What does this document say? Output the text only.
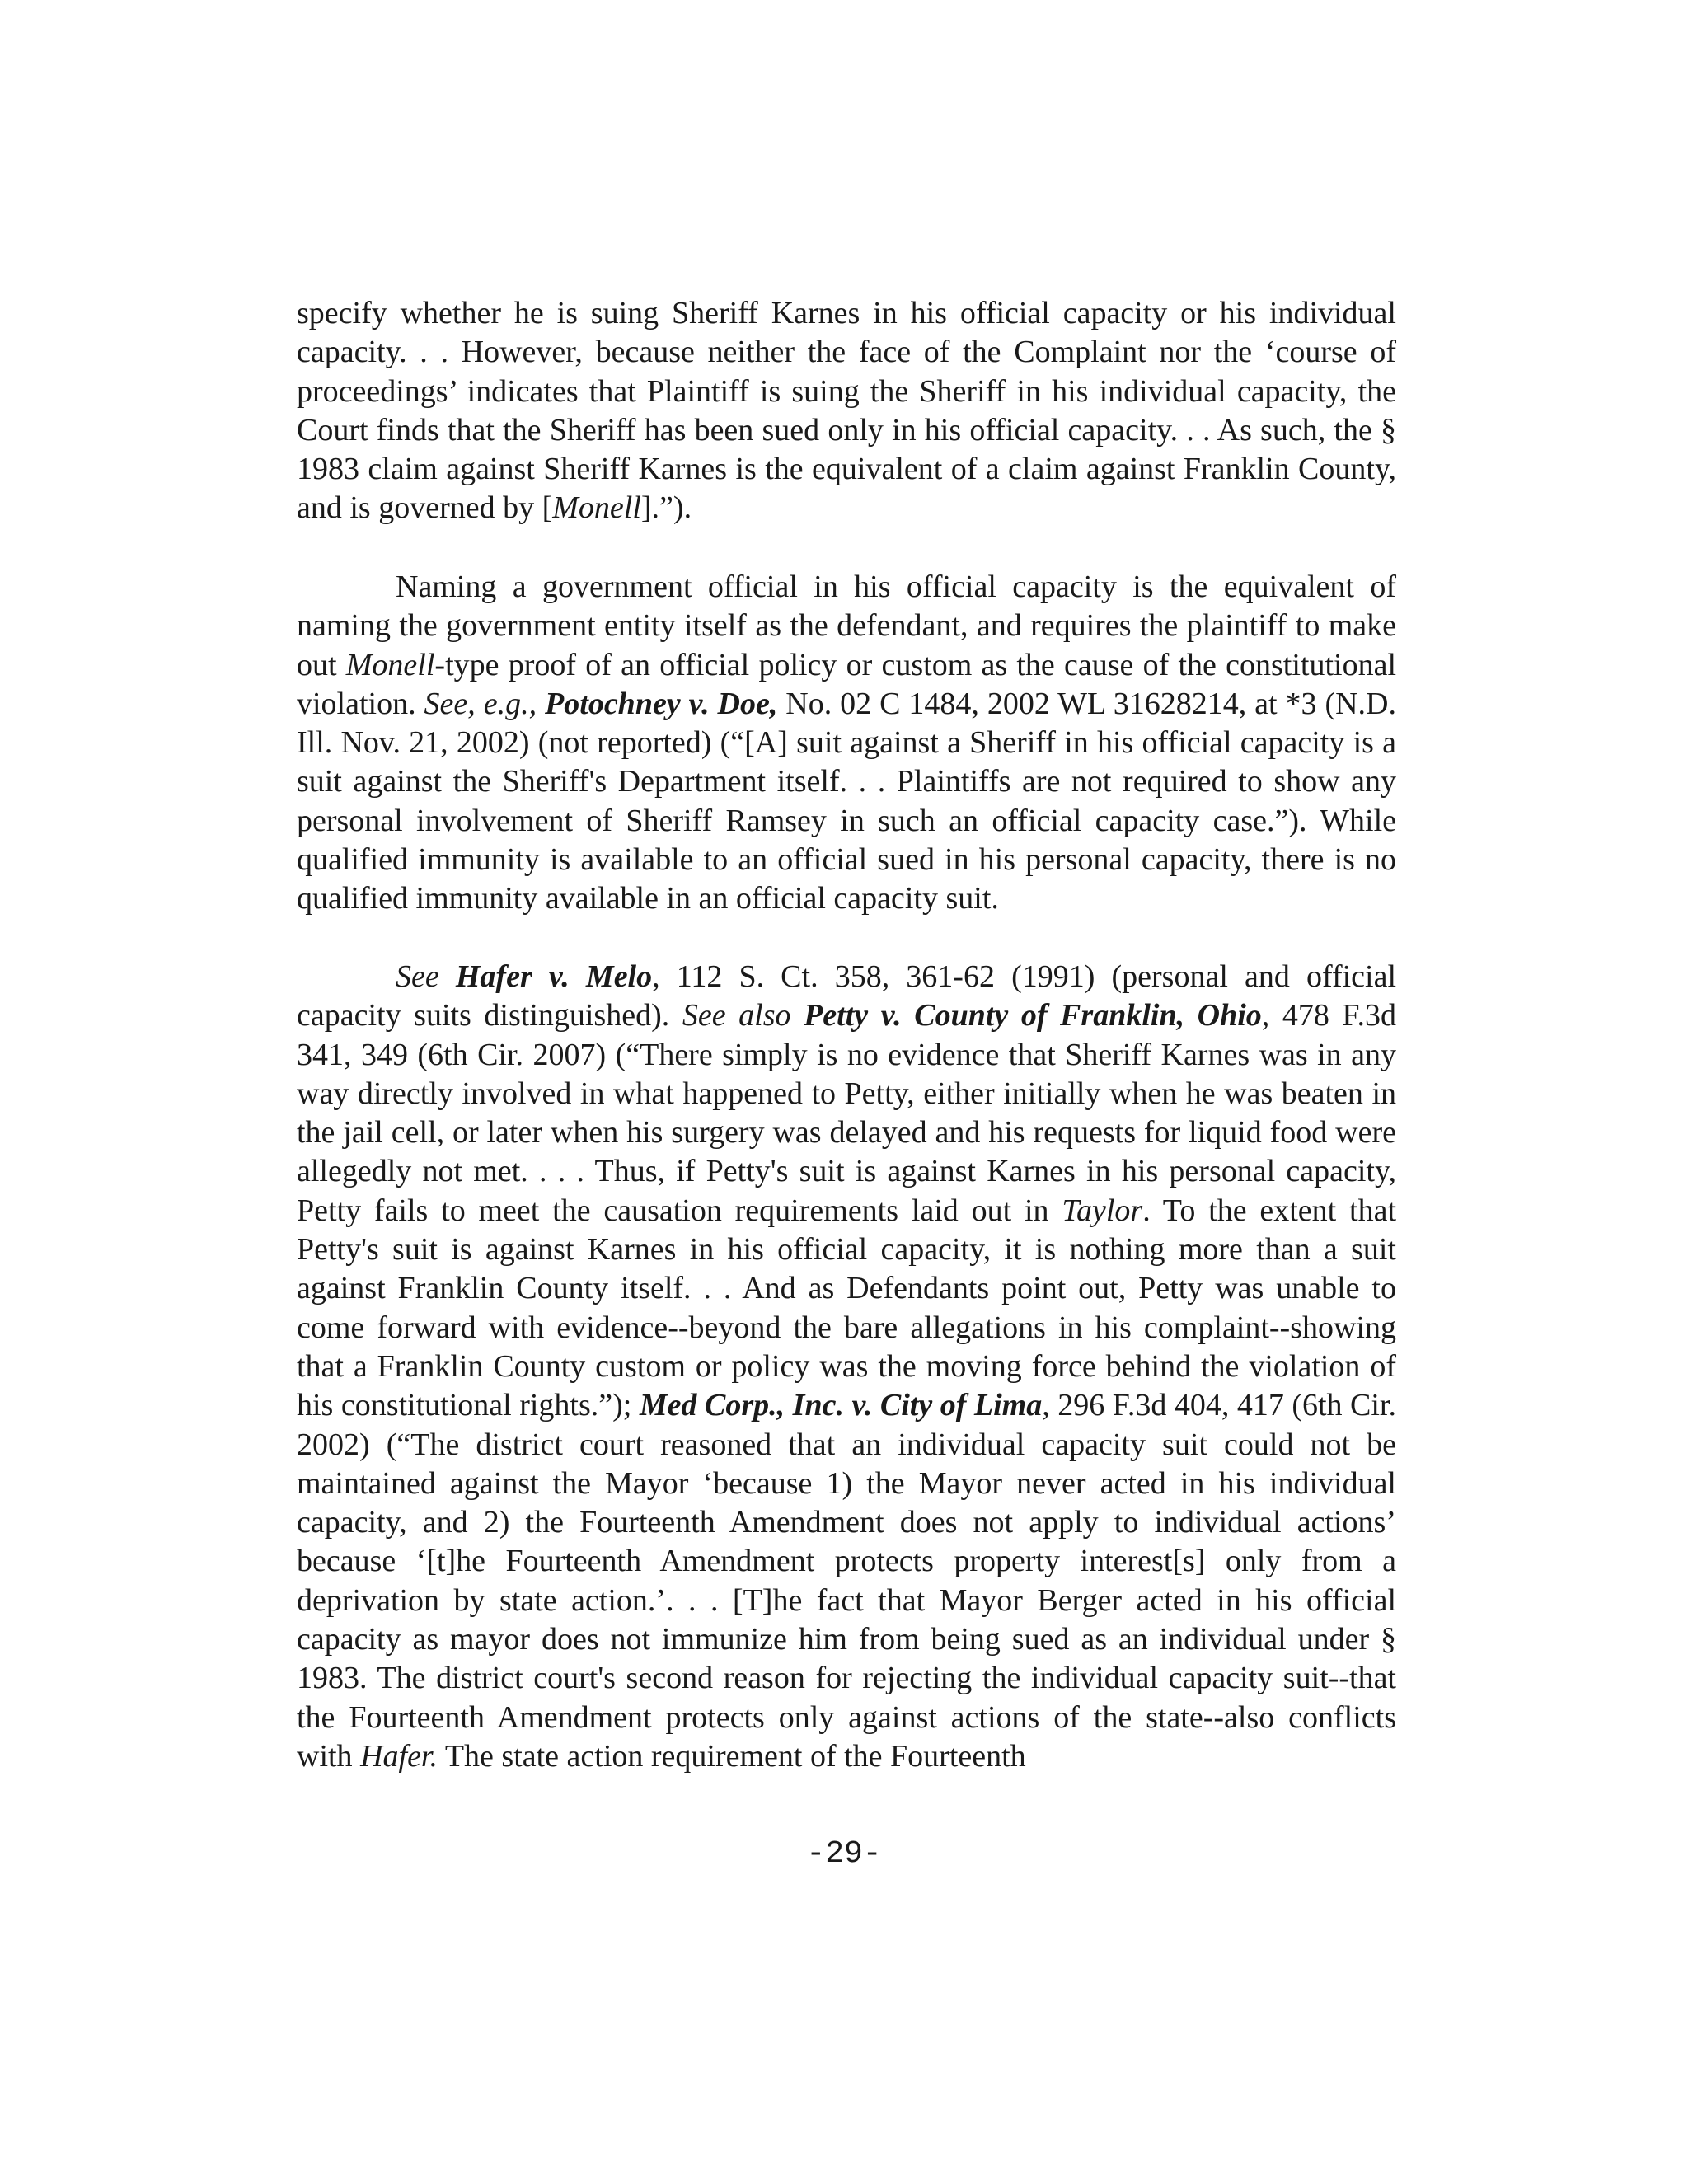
specify whether he is suing Sheriff Karnes in his official capacity or his individual capacity. . . However, because neither the face of the Complaint nor the ‘course of proceedings’ indicates that Plaintiff is suing the Sheriff in his individual capacity, the Court finds that the Sheriff has been sued only in his official capacity. . . As such, the § 1983 claim against Sheriff Karnes is the equivalent of a claim against Franklin County, and is governed by [Monell].”).

Naming a government official in his official capacity is the equivalent of naming the government entity itself as the defendant, and requires the plaintiff to make out Monell-type proof of an official policy or custom as the cause of the constitutional violation. See, e.g., Potochney v. Doe, No. 02 C 1484, 2002 WL 31628214, at *3 (N.D. Ill. Nov. 21, 2002) (not reported) (“[A] suit against a Sheriff in his official capacity is a suit against the Sheriff's Department itself. . . Plaintiffs are not required to show any personal involvement of Sheriff Ramsey in such an official capacity case.”). While qualified immunity is available to an official sued in his personal capacity, there is no qualified immunity available in an official capacity suit.

See Hafer v. Melo, 112 S. Ct. 358, 361-62 (1991) (personal and official capacity suits distinguished). See also Petty v. County of Franklin, Ohio, 478 F.3d 341, 349 (6th Cir. 2007) (“There simply is no evidence that Sheriff Karnes was in any way directly involved in what happened to Petty, either initially when he was beaten in the jail cell, or later when his surgery was delayed and his requests for liquid food were allegedly not met. . . . Thus, if Petty's suit is against Karnes in his personal capacity, Petty fails to meet the causation requirements laid out in Taylor. To the extent that Petty's suit is against Karnes in his official capacity, it is nothing more than a suit against Franklin County itself. . . And as Defendants point out, Petty was unable to come forward with evidence--beyond the bare allegations in his complaint--showing that a Franklin County custom or policy was the moving force behind the violation of his constitutional rights.”); Med Corp., Inc. v. City of Lima, 296 F.3d 404, 417 (6th Cir. 2002) (“The district court reasoned that an individual capacity suit could not be maintained against the Mayor ‘because 1) the Mayor never acted in his individual capacity, and 2) the Fourteenth Amendment does not apply to individual actions’ because ‘[t]he Fourteenth Amendment protects property interest[s] only from a deprivation by state action.’. . . [T]he fact that Mayor Berger acted in his official capacity as mayor does not immunize him from being sued as an individual under § 1983. The district court's second reason for rejecting the individual capacity suit--that the Fourteenth Amendment protects only against actions of the state--also conflicts with Hafer. The state action requirement of the Fourteenth

-29-
